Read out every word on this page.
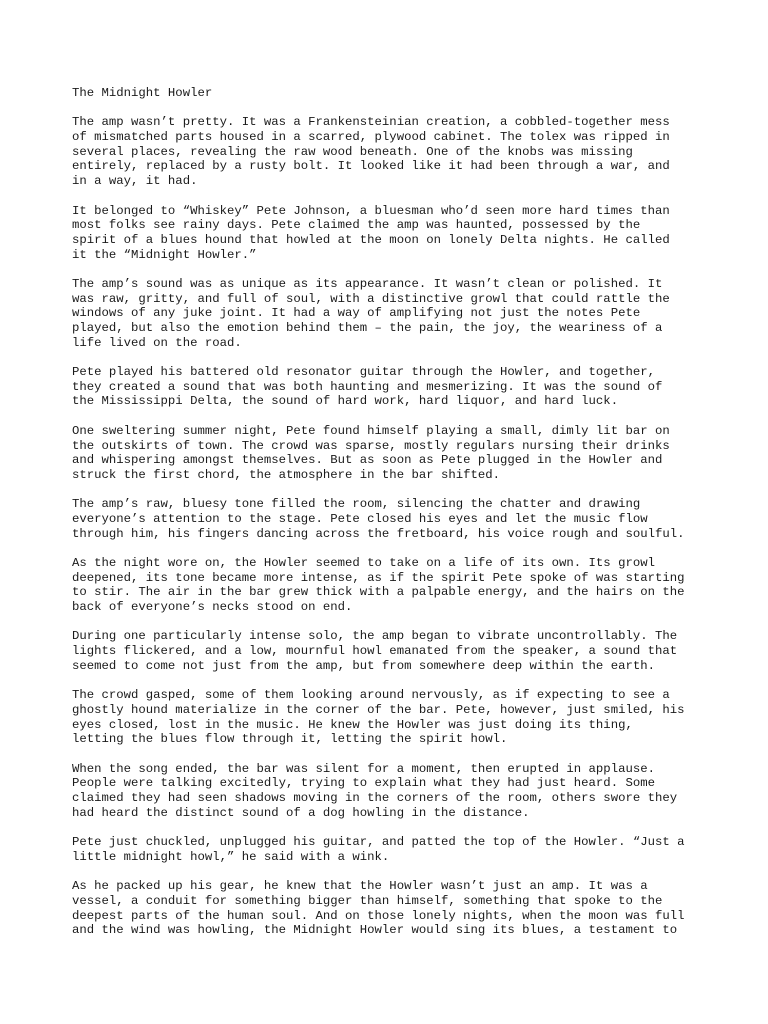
The Midnight Howler
The amp wasn’t pretty. It was a Frankensteinian creation, a cobbled-together mess
of mismatched parts housed in a scarred, plywood cabinet. The tolex was ripped in
several places, revealing the raw wood beneath. One of the knobs was missing
entirely, replaced by a rusty bolt. It looked like it had been through a war, and
in a way, it had.
It belonged to “Whiskey” Pete Johnson, a bluesman who’d seen more hard times than
most folks see rainy days. Pete claimed the amp was haunted, possessed by the
spirit of a blues hound that howled at the moon on lonely Delta nights. He called
it the “Midnight Howler.”
The amp’s sound was as unique as its appearance. It wasn’t clean or polished. It
was raw, gritty, and full of soul, with a distinctive growl that could rattle the
windows of any juke joint. It had a way of amplifying not just the notes Pete
played, but also the emotion behind them – the pain, the joy, the weariness of a
life lived on the road.
Pete played his battered old resonator guitar through the Howler, and together,
they created a sound that was both haunting and mesmerizing. It was the sound of
the Mississippi Delta, the sound of hard work, hard liquor, and hard luck.
One sweltering summer night, Pete found himself playing a small, dimly lit bar on
the outskirts of town. The crowd was sparse, mostly regulars nursing their drinks
and whispering amongst themselves. But as soon as Pete plugged in the Howler and
struck the first chord, the atmosphere in the bar shifted.
The amp’s raw, bluesy tone filled the room, silencing the chatter and drawing
everyone’s attention to the stage. Pete closed his eyes and let the music flow
through him, his fingers dancing across the fretboard, his voice rough and soulful.
As the night wore on, the Howler seemed to take on a life of its own. Its growl
deepened, its tone became more intense, as if the spirit Pete spoke of was starting
to stir. The air in the bar grew thick with a palpable energy, and the hairs on the
back of everyone’s necks stood on end.
During one particularly intense solo, the amp began to vibrate uncontrollably. The
lights flickered, and a low, mournful howl emanated from the speaker, a sound that
seemed to come not just from the amp, but from somewhere deep within the earth.
The crowd gasped, some of them looking around nervously, as if expecting to see a
ghostly hound materialize in the corner of the bar. Pete, however, just smiled, his
eyes closed, lost in the music. He knew the Howler was just doing its thing,
letting the blues flow through it, letting the spirit howl.
When the song ended, the bar was silent for a moment, then erupted in applause.
People were talking excitedly, trying to explain what they had just heard. Some
claimed they had seen shadows moving in the corners of the room, others swore they
had heard the distinct sound of a dog howling in the distance.
Pete just chuckled, unplugged his guitar, and patted the top of the Howler. “Just a
little midnight howl,” he said with a wink.
As he packed up his gear, he knew that the Howler wasn’t just an amp. It was a
vessel, a conduit for something bigger than himself, something that spoke to the
deepest parts of the human soul. And on those lonely nights, when the moon was full
and the wind was howling, the Midnight Howler would sing its blues, a testament to
